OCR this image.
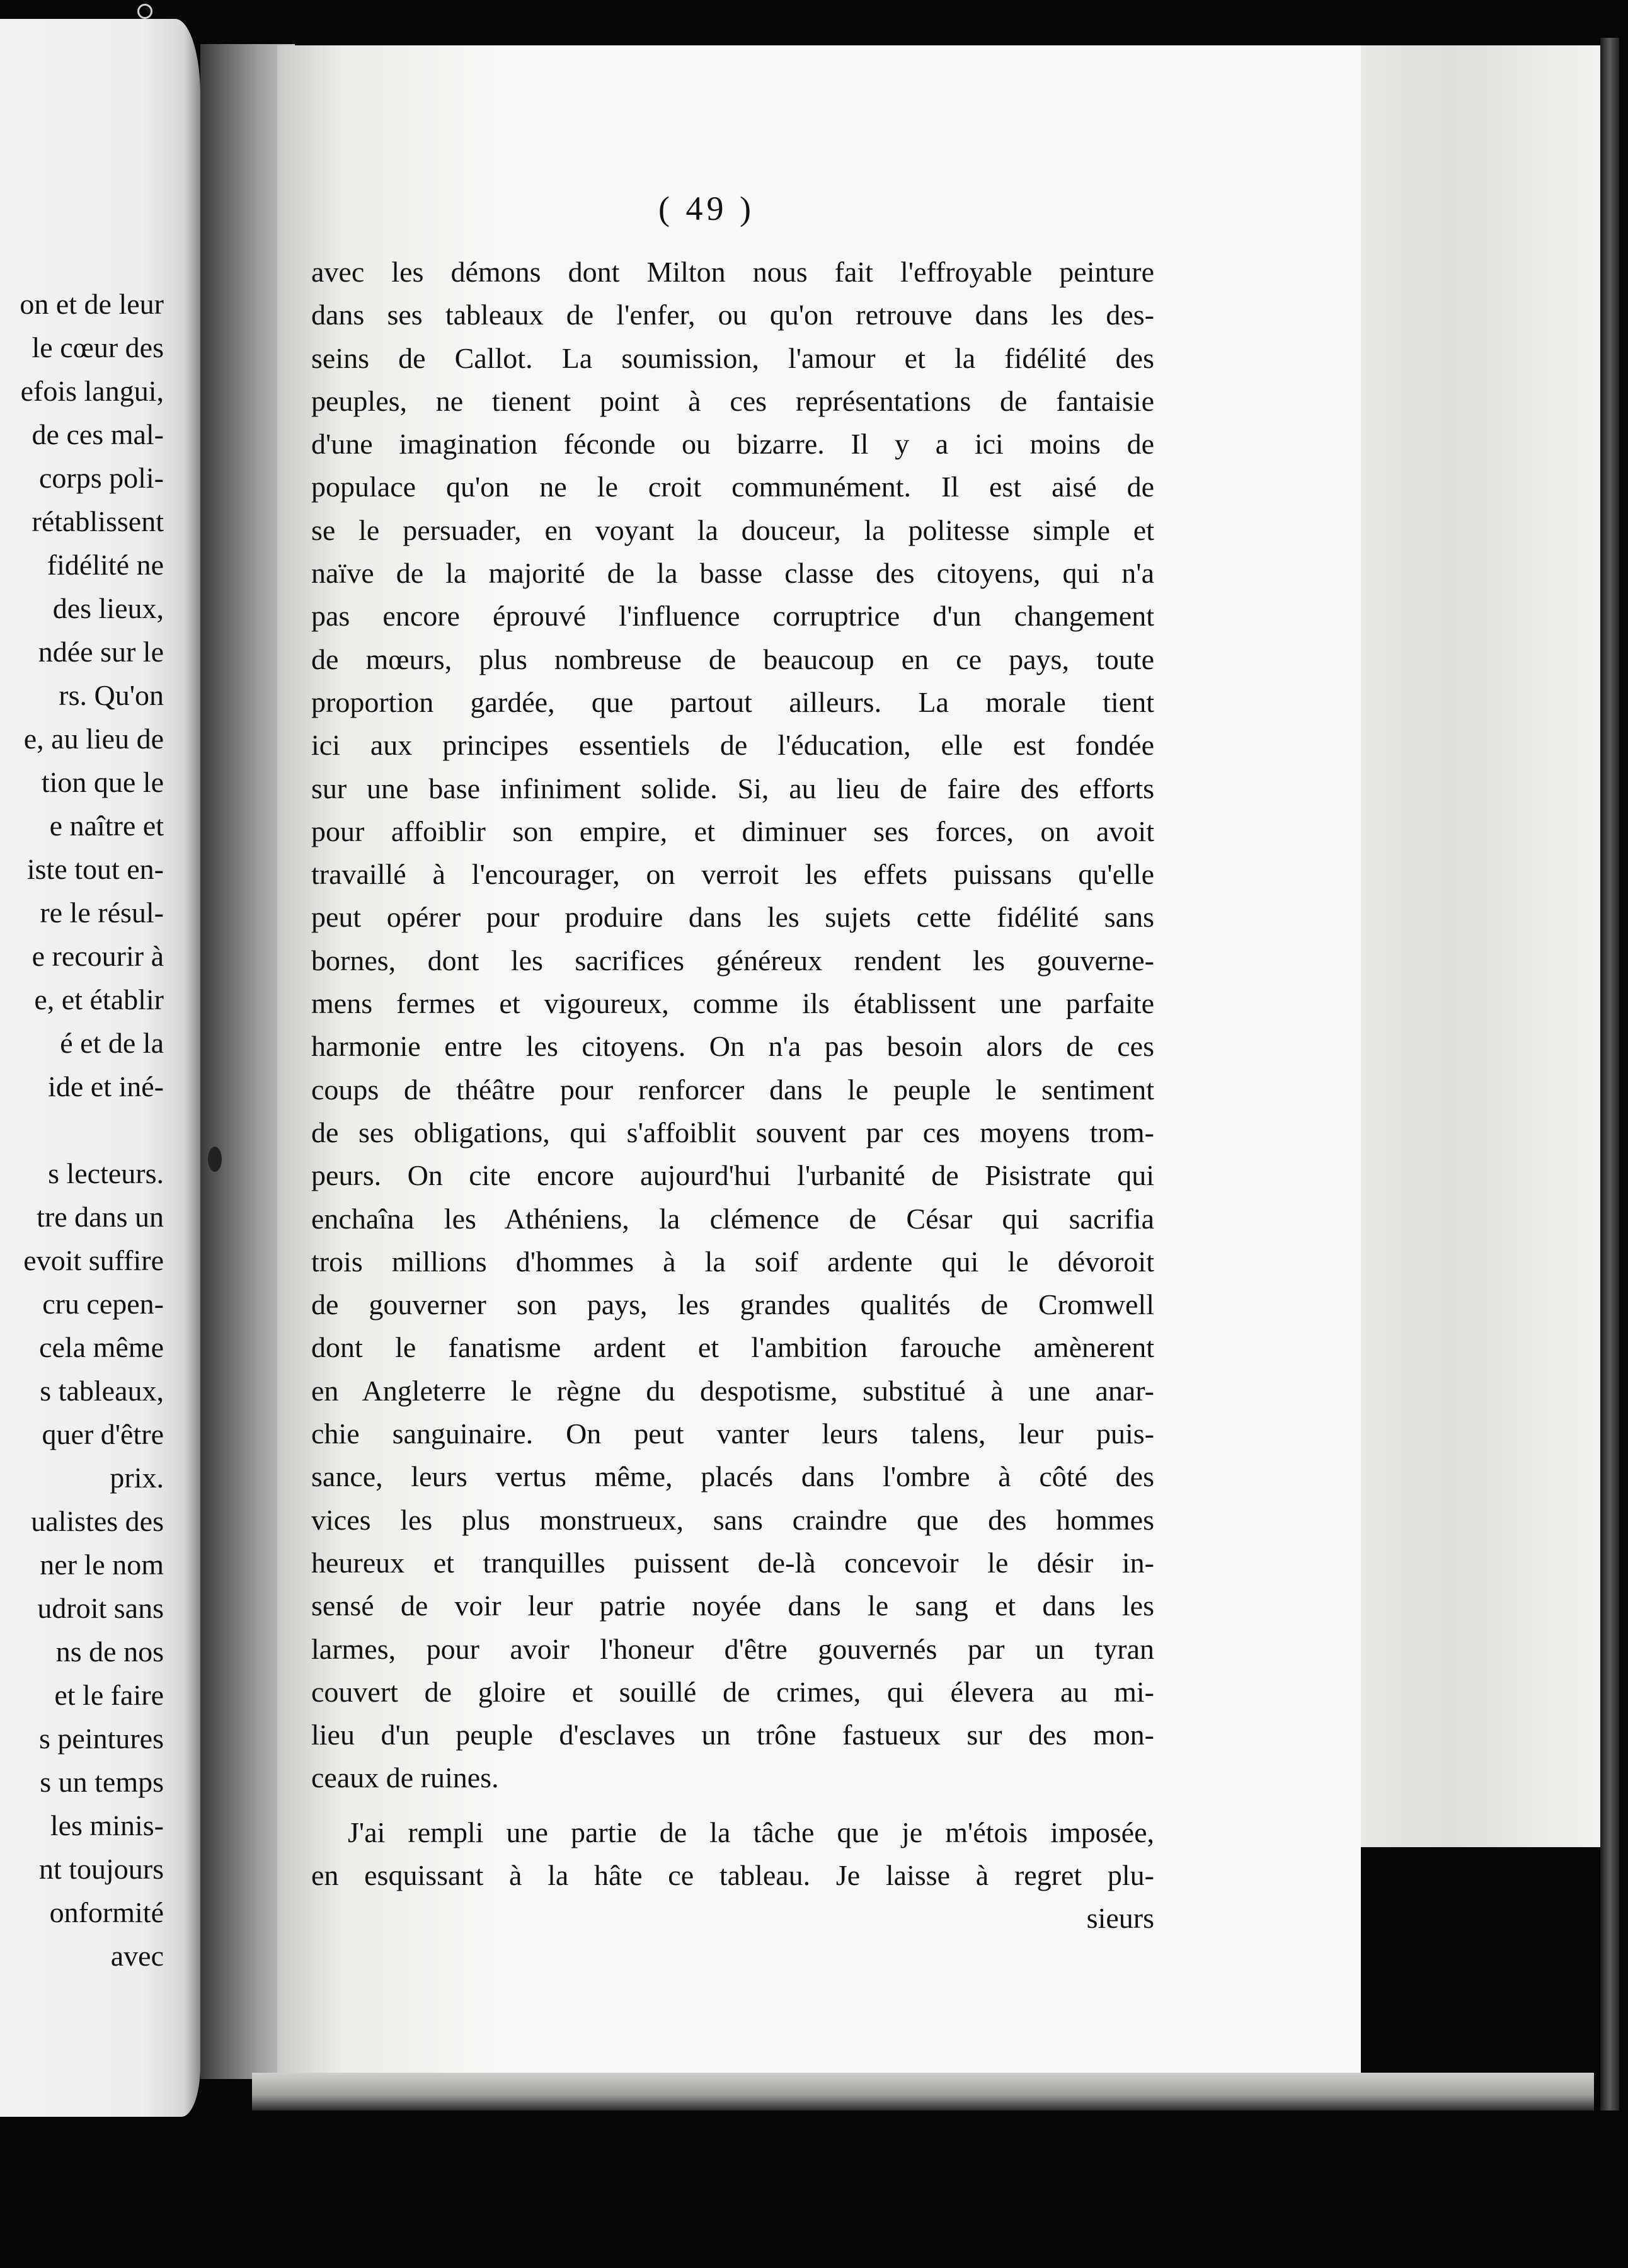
on et de leur
le cœur des
efois langui,
de ces mal-
corps poli-
rétablissent
fidélité ne
des lieux,
ndée sur le
rs. Qu'on
e, au lieu de
tion que le
e naître et
iste tout en-
re le résul-
e recourir à
e, et établir
é et de la
ide et iné-
s lecteurs.
tre dans un
evoit suffire
cru cepen-
cela même
s tableaux,
quer d'être
prix.
ualistes des
ner le nom
udroit sans
ns de nos
et le faire
s peintures
s un temps
les minis-
nt toujours
onformité
avec
( 49 )
avec les démons dont Milton nous fait l'effroyable peinture
dans ses tableaux de l'enfer, ou qu'on retrouve dans les des-
seins de Callot. La soumission, l'amour et la fidélité des
peuples, ne tienent point à ces représentations de fantaisie
d'une imagination féconde ou bizarre. Il y a ici moins de
populace qu'on ne le croit communément. Il est aisé de
se le persuader, en voyant la douceur, la politesse simple et
naïve de la majorité de la basse classe des citoyens, qui n'a
pas encore éprouvé l'influence corruptrice d'un changement
de mœurs, plus nombreuse de beaucoup en ce pays, toute
proportion gardée, que partout ailleurs. La morale tient
ici aux principes essentiels de l'éducation, elle est fondée
sur une base infiniment solide. Si, au lieu de faire des efforts
pour affoiblir son empire, et diminuer ses forces, on avoit
travaillé à l'encourager, on verroit les effets puissans qu'elle
peut opérer pour produire dans les sujets cette fidélité sans
bornes, dont les sacrifices généreux rendent les gouverne-
mens fermes et vigoureux, comme ils établissent une parfaite
harmonie entre les citoyens. On n'a pas besoin alors de ces
coups de théâtre pour renforcer dans le peuple le sentiment
de ses obligations, qui s'affoiblit souvent par ces moyens trom-
peurs. On cite encore aujourd'hui l'urbanité de Pisistrate qui
enchaîna les Athéniens, la clémence de César qui sacrifia
trois millions d'hommes à la soif ardente qui le dévoroit
de gouverner son pays, les grandes qualités de Cromwell
dont le fanatisme ardent et l'ambition farouche amènerent
en Angleterre le règne du despotisme, substitué à une anar-
chie sanguinaire. On peut vanter leurs talens, leur puis-
sance, leurs vertus même, placés dans l'ombre à côté des
vices les plus monstrueux, sans craindre que des hommes
heureux et tranquilles puissent de-là concevoir le désir in-
sensé de voir leur patrie noyée dans le sang et dans les
larmes, pour avoir l'honeur d'être gouvernés par un tyran
couvert de gloire et souillé de crimes, qui élevera au mi-
lieu d'un peuple d'esclaves un trône fastueux sur des mon-
ceaux de ruines.
J'ai rempli une partie de la tâche que je m'étois imposée,
en esquissant à la hâte ce tableau. Je laisse à regret plu-
sieurs
